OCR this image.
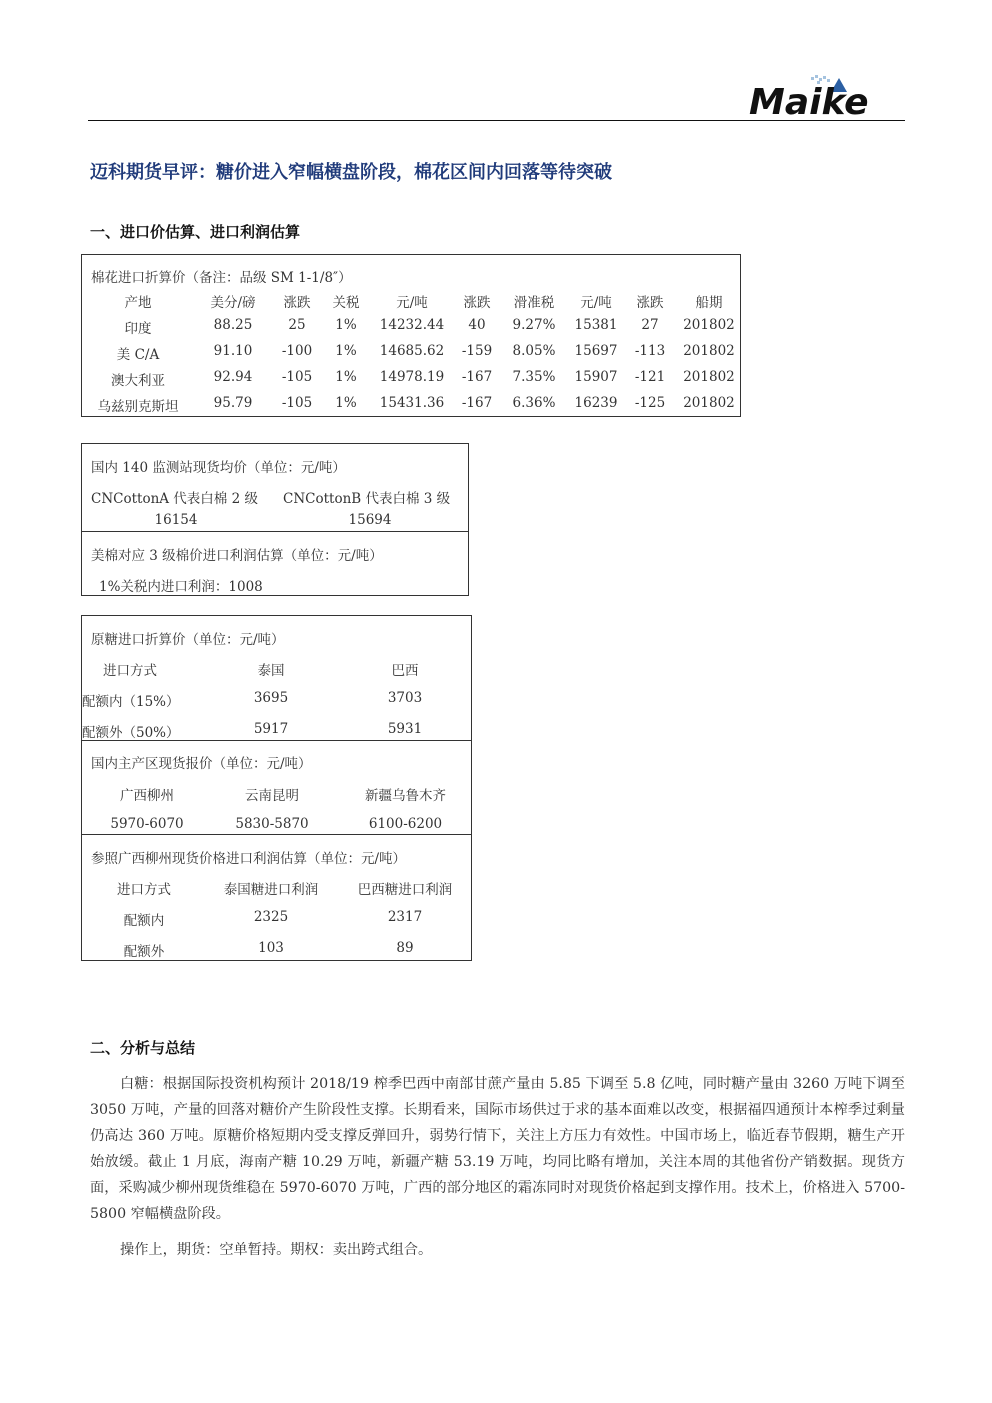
Maike
迈科期货早评：糖价进入窄幅横盘阶段，棉花区间内回落等待突破
一、进口价估算、进口利润估算
棉花进口折算价（备注：品级 SM 1-1/8″）
产地	美分/磅	涨跌	关税	元/吨	涨跌	滑准税	元/吨	涨跌	船期
印度	88.25	25	1%	14232.44	40	9.27%	15381	27	201802
美 C/A	91.10	-100	1%	14685.62	-159	8.05%	15697	-113	201802
澳大利亚	92.94	-105	1%	14978.19	-167	7.35%	15907	-121	201802
乌兹别克斯坦	95.79	-105	1%	15431.36	-167	6.36%	16239	-125	201802
国内 140 监测站现货均价（单位：元/吨）
CNCottonA 代表白棉 2 级 CNCottonB 代表白棉 3 级
16154	15694
美棉对应 3 级棉价进口利润估算（单位：元/吨）
1%关税内进口利润：1008
原糖进口折算价（单位：元/吨）
进口方式	泰国	巴西
配额内（15%）	3695	3703
配额外（50%）	5917	5931
国内主产区现货报价（单位：元/吨）
广西柳州	云南昆明	新疆乌鲁木齐
5970-6070	5830-5870	6100-6200
参照广西柳州现货价格进口利润估算（单位：元/吨）
进口方式	泰国糖进口利润	巴西糖进口利润
配额内	2325	2317
配额外	103	89
二、分析与总结

白糖：根据国际投资机构预计 2018/19 榨季巴西中南部甘蔗产量由 5.85 下调至 5.8 亿吨，同时糖产量由 3260 万吨下调至 3050 万吨，产量的回落对糖价产生阶段性支撑。长期看来，国际市场供过于求的基本面难以改变，根据福四通预计本榨季过剩量仍高达 360 万吨。原糖价格短期内受支撑反弹回升，弱势行情下，关注上方压力有效性。中国市场上，临近春节假期，糖生产开始放缓。截止 1 月底，海南产糖 10.29 万吨，新疆产糖 53.19 万吨，均同比略有增加，关注本周的其他省份产销数据。现货方面，采购减少柳州现货维稳在 5970-6070 万吨，广西的部分地区的霜冻同时对现货价格起到支撑作用。技术上，价格进入 5700-5800 窄幅横盘阶段。

操作上，期货：空单暂持。期权：卖出跨式组合。
